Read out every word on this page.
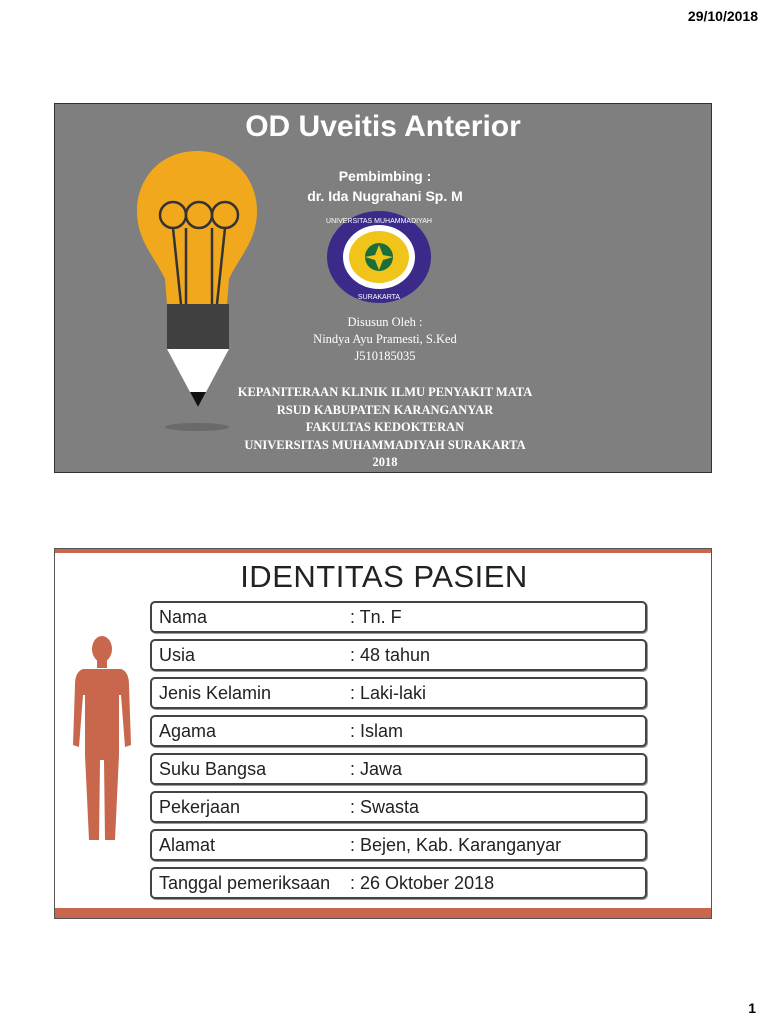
29/10/2018
OD Uveitis Anterior
Pembimbing :
dr. Ida Nugrahani Sp. M
UNIVERSITAS MUHAMMADIYAH
SURAKARTA
Disusun Oleh :
Nindya Ayu Pramesti, S.Ked
J510185035
KEPANITERAAN KLINIK ILMU PENYAKIT MATA
RSUD KABUPATEN KARANGANYAR
FAKULTAS KEDOKTERAN
UNIVERSITAS MUHAMMADIYAH SURAKARTA
2018
IDENTITAS PASIEN
Nama	: Tn. F
Usia	: 48 tahun
Jenis Kelamin	: Laki-laki
Agama	: Islam
Suku Bangsa	: Jawa
Pekerjaan	: Swasta
Alamat	: Bejen, Kab. Karanganyar
Tanggal pemeriksaan : 26 Oktober 2018
1
